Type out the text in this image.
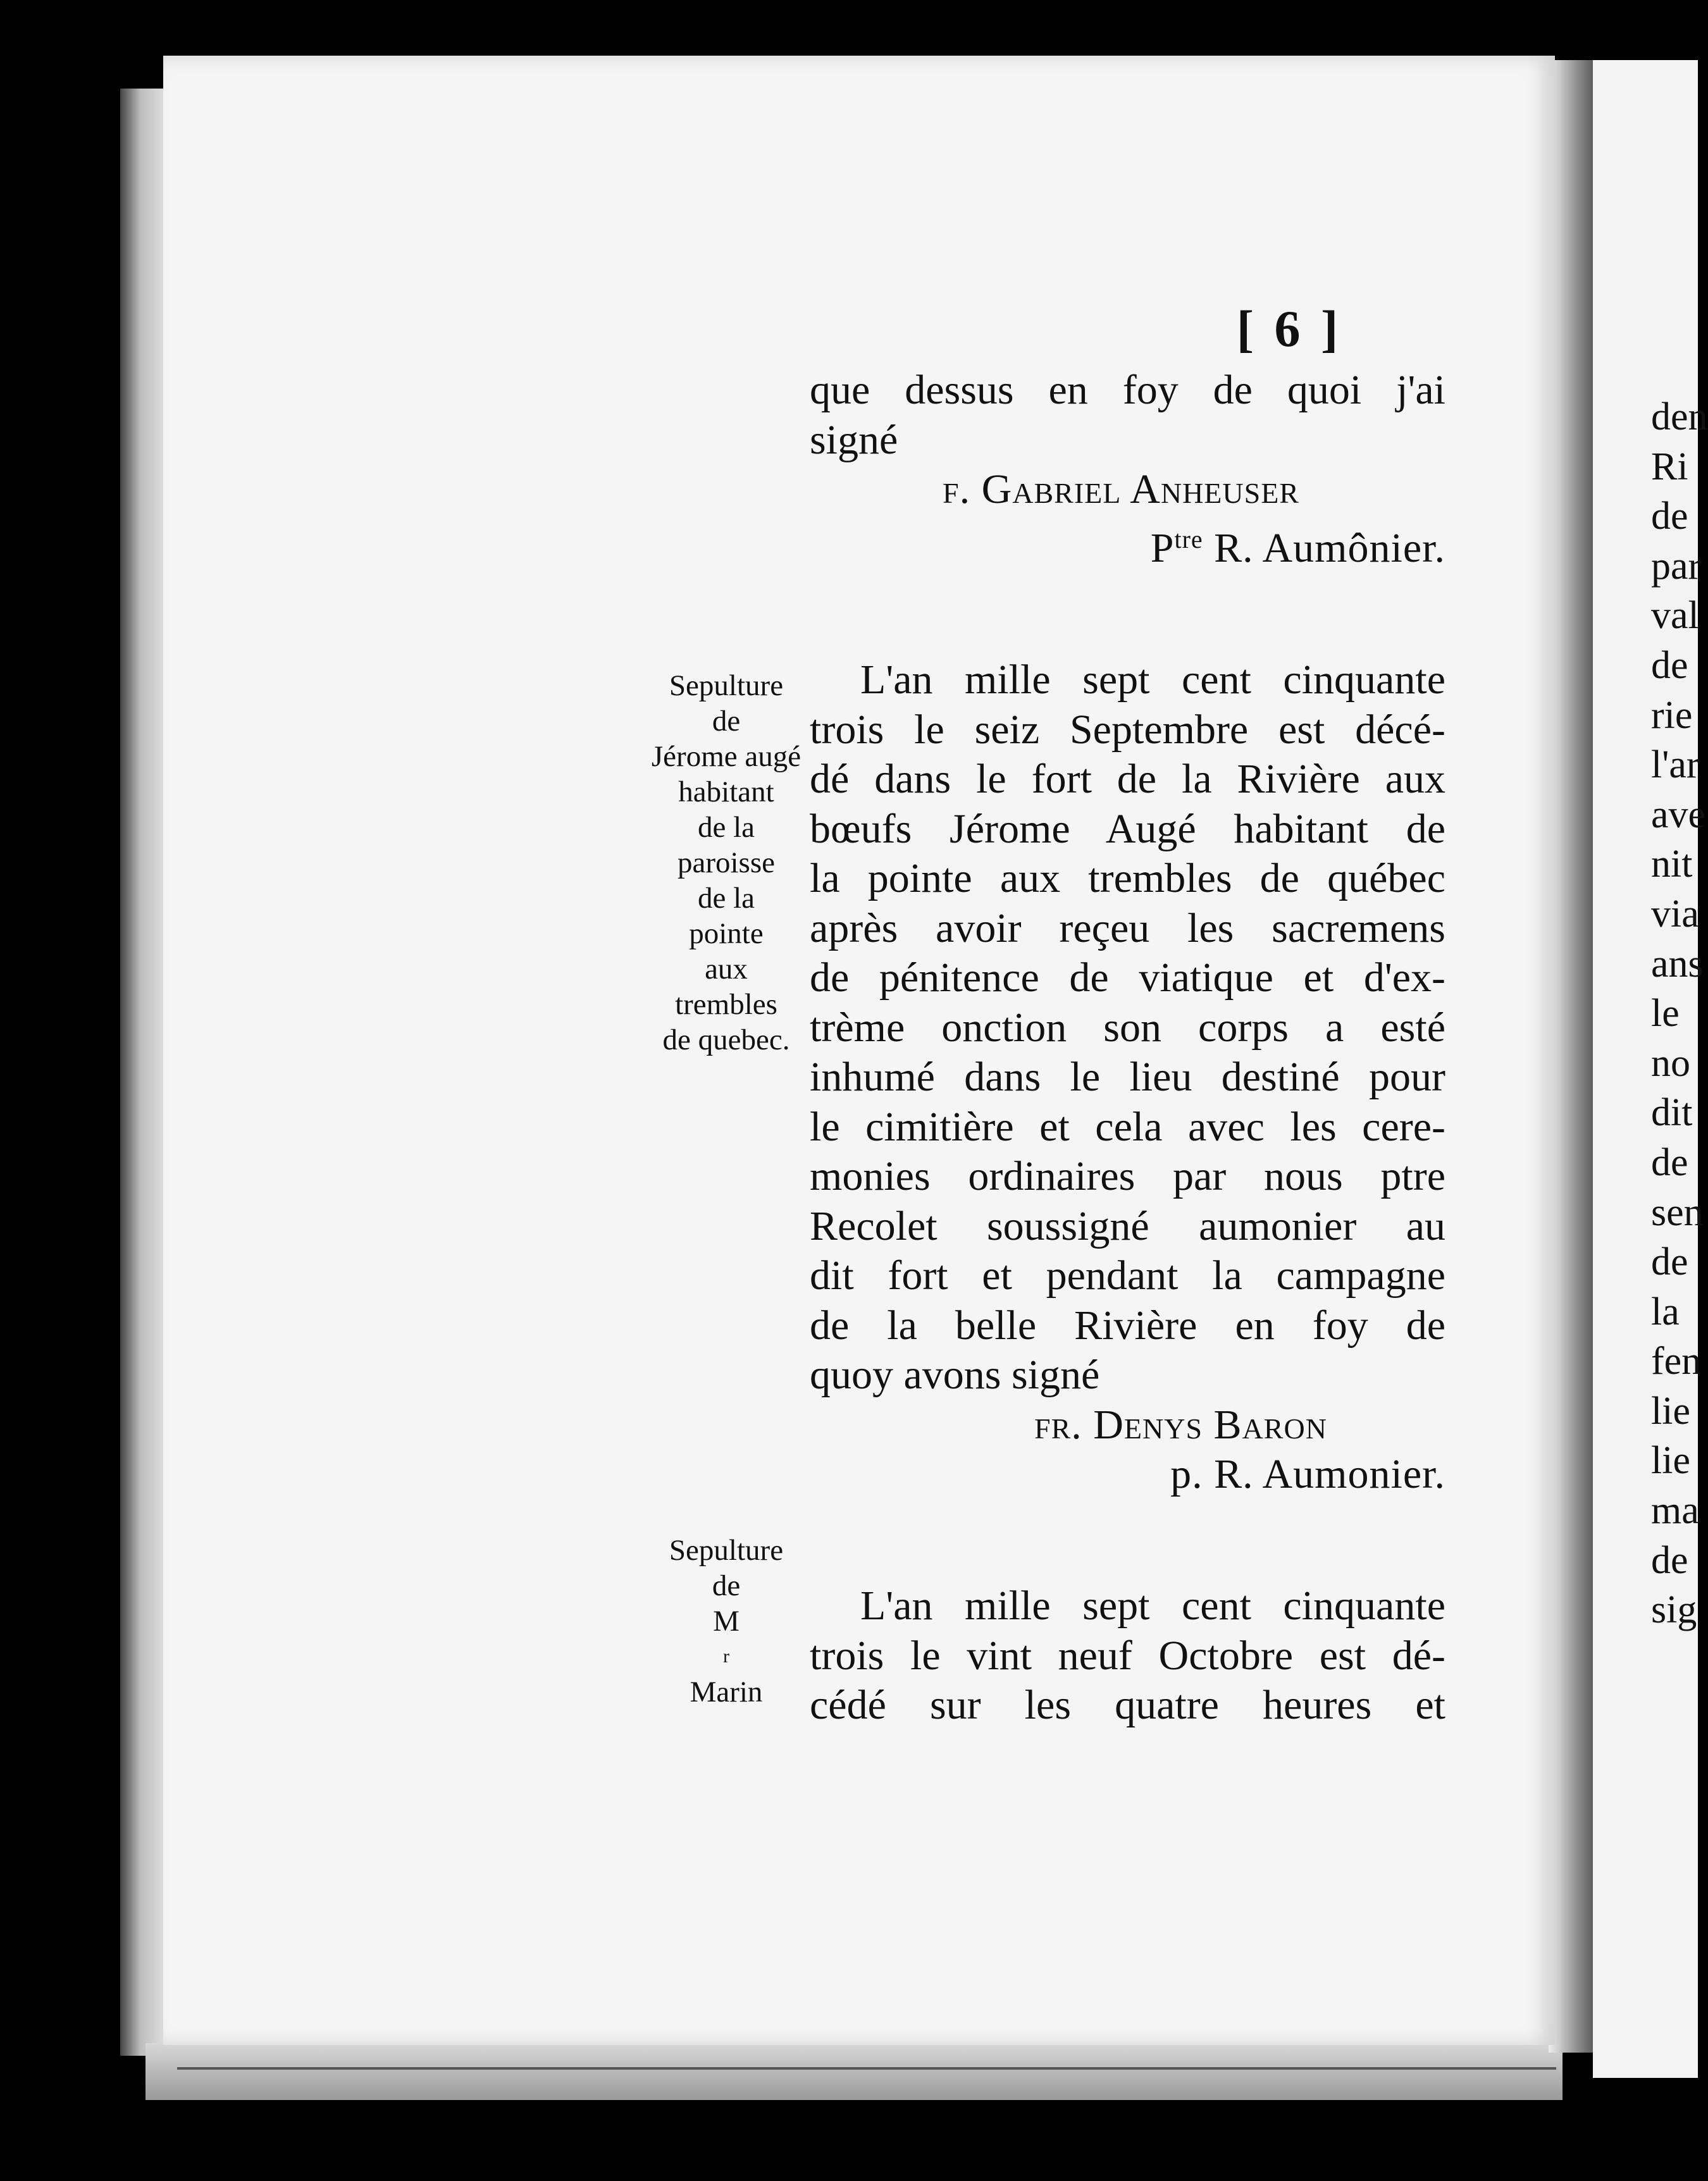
[ 6 ]
que dessus en foy de quoi j'ai
signé
f. Gabriel Anheuser
$P^{tre}$ R. Aumônier.
Sepulture
de
Jérome augé
habitant
de la
paroisse
de la
pointe
aux
trembles
de quebec.
L'an mille sept cent cinquante
trois le seiz Septembre est décé-
dé dans le fort de la Rivière aux
bœufs Jérome Augé habitant de
la pointe aux trembles de québec
après avoir reçeu les sacremens
de pénitence de viatique et d'ex-
trème onction son corps a esté
inhumé dans le lieu destiné pour
le cimitière et cela avec les cere-
monies ordinaires par nous ptre
Recolet soussigné aumonier au
dit fort et pendant la campagne
de la belle Rivière en foy de
quoy avons signé
fr. Denys Baron
p. R. Aumonier.
Sepulture
de
M
r
Marin
L'an mille sept cent cinquante
trois le vint neuf Octobre est dé-
cédé sur les quatre heures et
den
Ri
de
par
val
de
rie
l'ar
ave
nit
via
ans
le
no
dit
de
sen
de
la
fen
lie
lie
ma
de
sig
